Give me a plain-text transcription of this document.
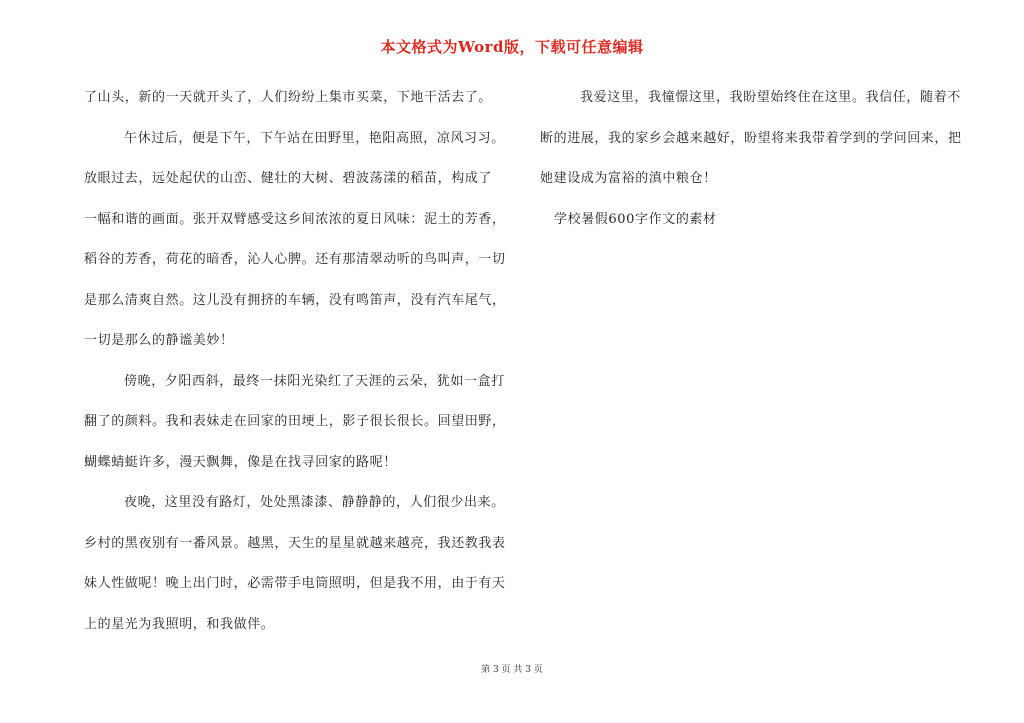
本文格式为Word版，下载可任意编辑
了山头，新的一天就开头了，人们纷纷上集市买菜，下地干活去了。
午休过后，便是下午，下午站在田野里，艳阳高照，凉风习习。
放眼过去，远处起伏的山峦、健壮的大树、碧波荡漾的稻苗，构成了
一幅和谐的画面。张开双臂感受这乡间浓浓的夏日风味：泥土的芳香，
稻谷的芳香，荷花的暗香，沁人心脾。还有那清翠动听的鸟叫声，一切
是那么清爽自然。这儿没有拥挤的车辆，没有鸣笛声，没有汽车尾气，
一切是那么的静谧美妙！
傍晚，夕阳西斜，最终一抹阳光染红了天涯的云朵，犹如一盒打
翻了的颜料。我和表妹走在回家的田埂上，影子很长很长。回望田野，
蝴蝶蜻蜓许多，漫天飘舞，像是在找寻回家的路呢！
夜晚，这里没有路灯，处处黑漆漆、静静静的，人们很少出来。
乡村的黑夜别有一番风景。越黑，天生的星星就越来越亮，我还教我表
妹人性做呢！晚上出门时，必需带手电筒照明，但是我不用，由于有天
上的星光为我照明，和我做伴。
我爱这里，我憧憬这里，我盼望始终住在这里。我信任，随着不
断的进展，我的家乡会越来越好，盼望将来我带着学到的学问回来，把
她建设成为富裕的滇中粮仓！
学校暑假600字作文的素材
第 3 页 共 3 页
